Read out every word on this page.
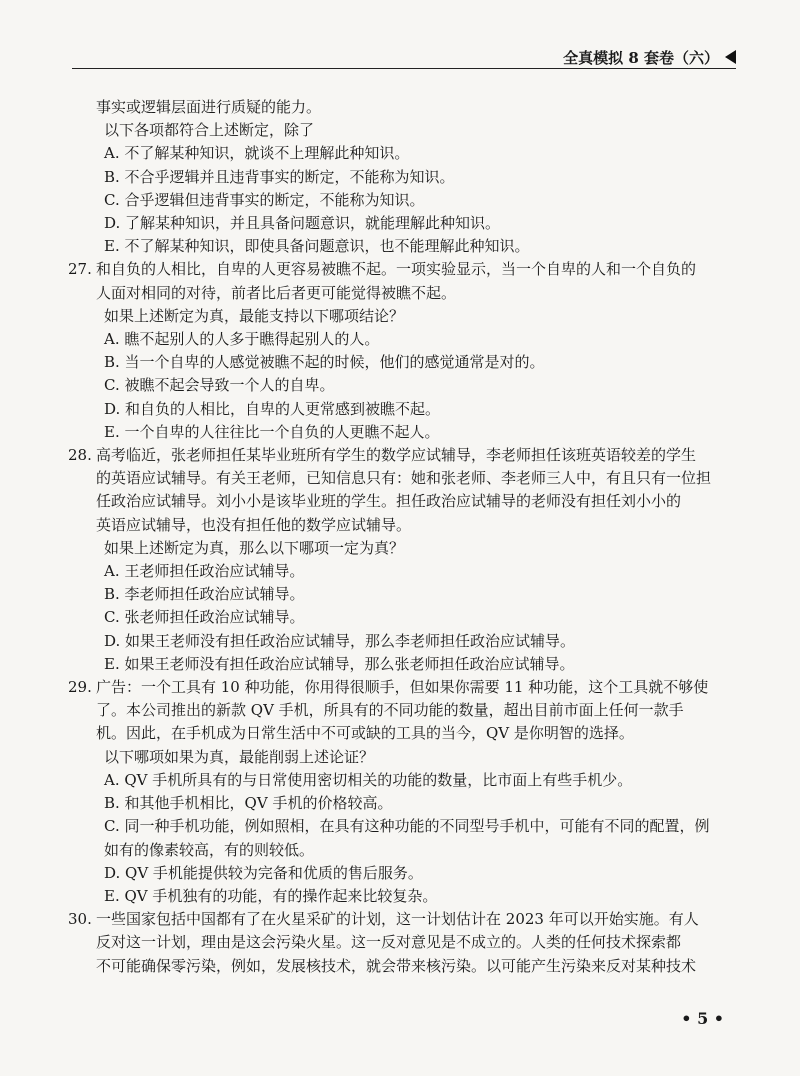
全真模拟 8 套卷（六）
事实或逻辑层面进行质疑的能力。
以下各项都符合上述断定，除了
A. 不了解某种知识，就谈不上理解此种知识。
B. 不合乎逻辑并且违背事实的断定，不能称为知识。
C. 合乎逻辑但违背事实的断定，不能称为知识。
D. 了解某种知识，并且具备问题意识，就能理解此种知识。
E. 不了解某种知识，即使具备问题意识，也不能理解此种知识。
27. 和自负的人相比，自卑的人更容易被瞧不起。一项实验显示，当一个自卑的人和一个自负的
人面对相同的对待，前者比后者更可能觉得被瞧不起。
如果上述断定为真，最能支持以下哪项结论？
A. 瞧不起别人的人多于瞧得起别人的人。
B. 当一个自卑的人感觉被瞧不起的时候，他们的感觉通常是对的。
C. 被瞧不起会导致一个人的自卑。
D. 和自负的人相比，自卑的人更常感到被瞧不起。
E. 一个自卑的人往往比一个自负的人更瞧不起人。
28. 高考临近，张老师担任某毕业班所有学生的数学应试辅导，李老师担任该班英语较差的学生
的英语应试辅导。有关王老师，已知信息只有：她和张老师、李老师三人中，有且只有一位担
任政治应试辅导。刘小小是该毕业班的学生。担任政治应试辅导的老师没有担任刘小小的
英语应试辅导，也没有担任他的数学应试辅导。
如果上述断定为真，那么以下哪项一定为真？
A. 王老师担任政治应试辅导。
B. 李老师担任政治应试辅导。
C. 张老师担任政治应试辅导。
D. 如果王老师没有担任政治应试辅导，那么李老师担任政治应试辅导。
E. 如果王老师没有担任政治应试辅导，那么张老师担任政治应试辅导。
29. 广告：一个工具有 10 种功能，你用得很顺手，但如果你需要 11 种功能，这个工具就不够使
了。本公司推出的新款 QV 手机，所具有的不同功能的数量，超出目前市面上任何一款手
机。因此，在手机成为日常生活中不可或缺的工具的当今，QV 是你明智的选择。
以下哪项如果为真，最能削弱上述论证？
A. QV 手机所具有的与日常使用密切相关的功能的数量，比市面上有些手机少。
B. 和其他手机相比，QV 手机的价格较高。
C. 同一种手机功能，例如照相，在具有这种功能的不同型号手机中，可能有不同的配置，例
如有的像素较高，有的则较低。
D. QV 手机能提供较为完备和优质的售后服务。
E. QV 手机独有的功能，有的操作起来比较复杂。
30. 一些国家包括中国都有了在火星采矿的计划，这一计划估计在 2023 年可以开始实施。有人
反对这一计划，理由是这会污染火星。这一反对意见是不成立的。人类的任何技术探索都
不可能确保零污染，例如，发展核技术，就会带来核污染。以可能产生污染来反对某种技术
• 5 •
